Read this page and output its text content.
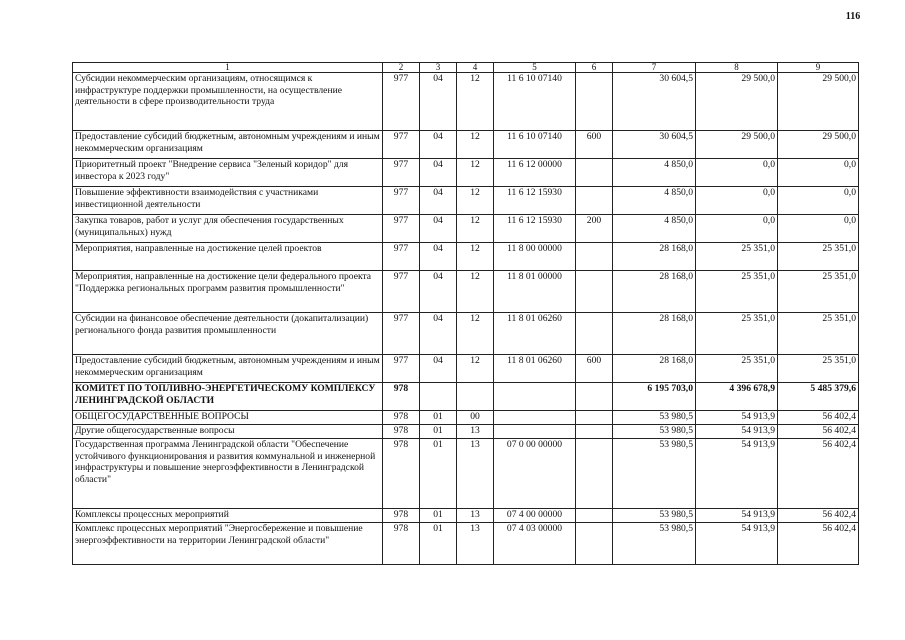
116
1	2	3	4	5	6	7	8	9
Субсидии некоммерческим организациям, относящимся к инфраструктуре поддержки промышленности, на осуществление деятельности в сфере производительности труда	977	04	12	11 6 10 07140		30 604,5	29 500,0	29 500,0
Предоставление субсидий бюджетным, автономным учреждениям и иным некоммерческим организациям	977	04	12	11 6 10 07140	600	30 604,5	29 500,0	29 500,0
Приоритетный проект "Внедрение сервиса "Зеленый коридор" для инвестора к 2023 году"	977	04	12	11 6 12 00000		4 850,0	0,0	0,0
Повышение эффективности взаимодействия с участниками инвестиционной деятельности	977	04	12	11 6 12 15930		4 850,0	0,0	0,0
Закупка товаров, работ и услуг для обеспечения государственных (муниципальных) нужд	977	04	12	11 6 12 15930	200	4 850,0	0,0	0,0
Мероприятия, направленные на достижение целей проектов	977	04	12	11 8 00 00000		28 168,0	25 351,0	25 351,0
Мероприятия, направленные на достижение цели федерального проекта "Поддержка региональных программ развития промышленности"	977	04	12	11 8 01 00000		28 168,0	25 351,0	25 351,0
Субсидии на финансовое обеспечение деятельности (докапитализации) регионального фонда развития промышленности	977	04	12	11 8 01 06260		28 168,0	25 351,0	25 351,0
Предоставление субсидий бюджетным, автономным учреждениям и иным некоммерческим организациям	977	04	12	11 8 01 06260	600	28 168,0	25 351,0	25 351,0
КОМИТЕТ ПО ТОПЛИВНО-ЭНЕРГЕТИЧЕСКОМУ КОМПЛЕКСУ ЛЕНИНГРАДСКОЙ ОБЛАСТИ	978					6 195 703,0	4 396 678,9	5 485 379,6
ОБЩЕГОСУДАРСТВЕННЫЕ ВОПРОСЫ	978	01	00			53 980,5	54 913,9	56 402,4
Другие общегосударственные вопросы	978	01	13			53 980,5	54 913,9	56 402,4
Государственная программа Ленинградской области "Обеспечение устойчивого функционирования и развития коммунальной и инженерной инфраструктуры и повышение энергоэффективности в Ленинградской области"	978	01	13	07 0 00 00000		53 980,5	54 913,9	56 402,4
Комплексы процессных мероприятий	978	01	13	07 4 00 00000		53 980,5	54 913,9	56 402,4
Комплекс процессных мероприятий "Энергосбережение и повышение энергоэффективности на территории Ленинградской области"	978	01	13	07 4 03 00000		53 980,5	54 913,9	56 402,4
